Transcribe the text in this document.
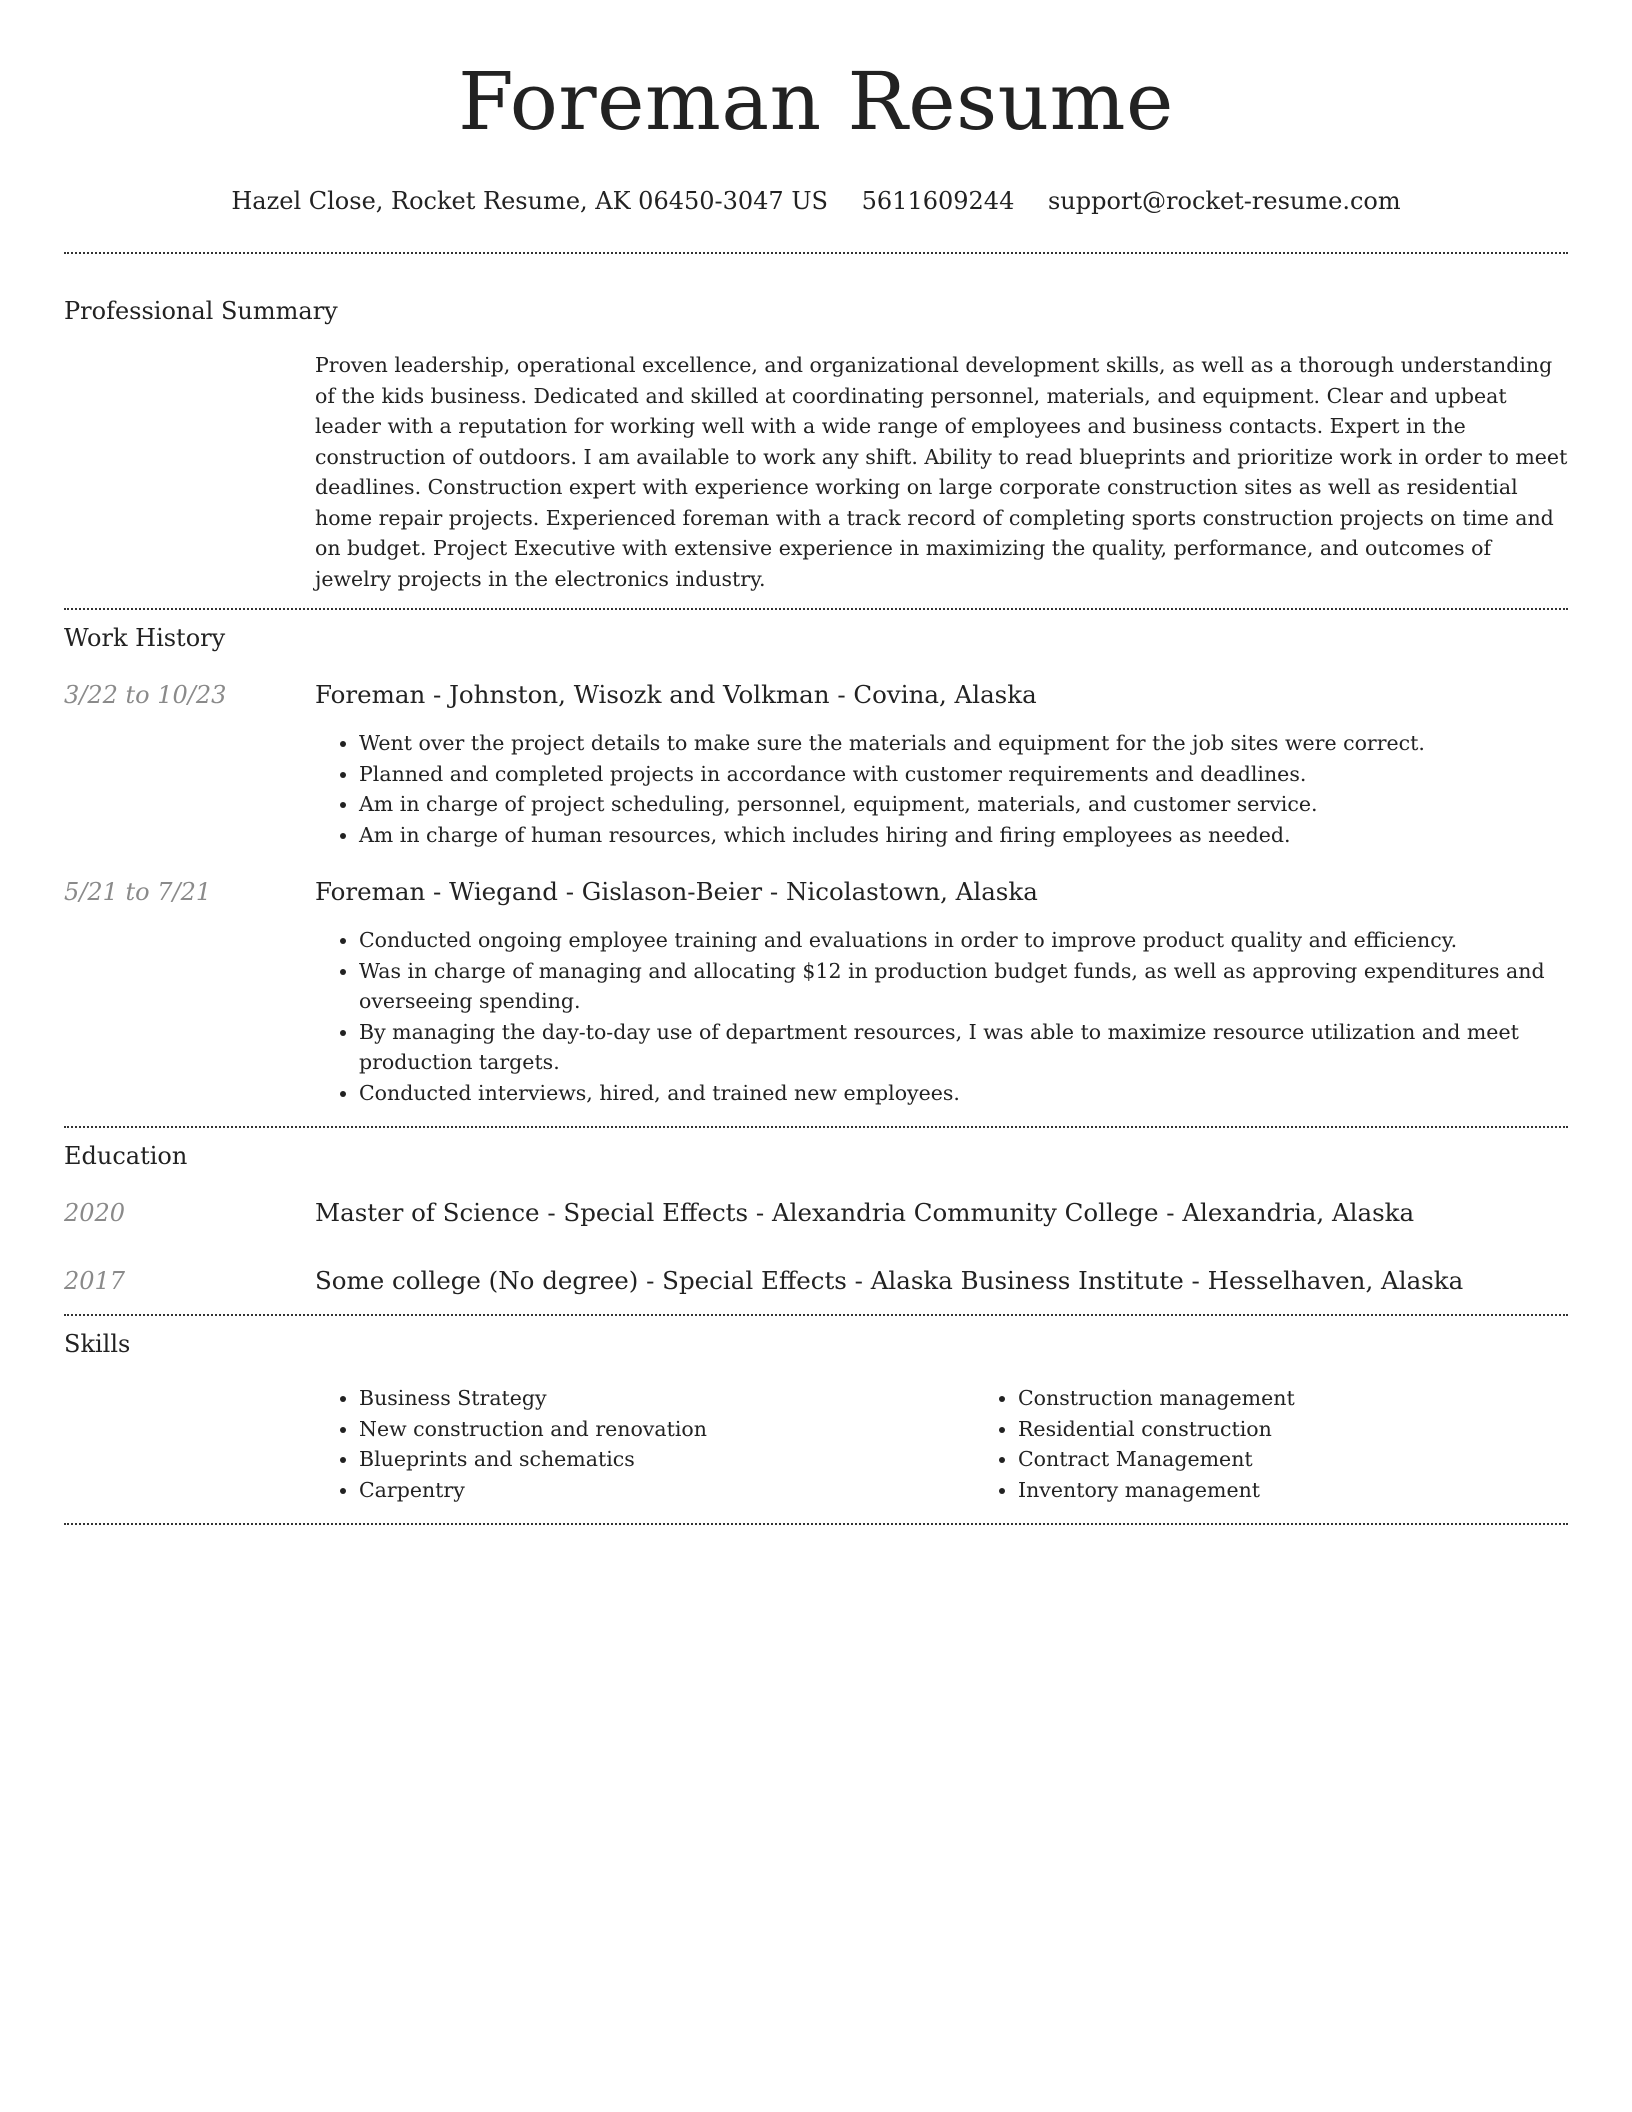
Foreman Resume
Hazel Close, Rocket Resume, AK 06450-3047 US 5611609244 support@rocket-resume.com
Professional Summary

Proven leadership, operational excellence, and organizational development skills, as well as a thorough understanding of the kids business. Dedicated and skilled at coordinating personnel, materials, and equipment. Clear and upbeat leader with a reputation for working well with a wide range of employees and business contacts. Expert in the construction of outdoors. I am available to work any shift. Ability to read blueprints and prioritize work in order to meet deadlines. Construction expert with experience working on large corporate construction sites as well as residential home repair projects. Experienced foreman with a track record of completing sports construction projects on time and on budget. Project Executive with extensive experience in maximizing the quality, performance, and outcomes of jewelry projects in the electronics industry.

Work History
3/22 to 10/23	Foreman - Johnston, Wisozk and Volkman - Covina, Alaska
• Went over the project details to make sure the materials and equipment for the job sites were correct.
• Planned and completed projects in accordance with customer requirements and deadlines.
• Am in charge of project scheduling, personnel, equipment, materials, and customer service.
• Am in charge of human resources, which includes hiring and firing employees as needed.
5/21 to 7/21	Foreman - Wiegand - Gislason-Beier - Nicolastown, Alaska
• Conducted ongoing employee training and evaluations in order to improve product quality and efficiency.
• Was in charge of managing and allocating $12 in production budget funds, as well as approving expenditures and overseeing spending.
• By managing the day-to-day use of department resources, I was able to maximize resource utilization and meet production targets.
• Conducted interviews, hired, and trained new employees.
Education
2020	Master of Science - Special Effects - Alexandria Community College - Alexandria, Alaska
2017	Some college (No degree) - Special Effects - Alaska Business Institute - Hesselhaven, Alaska
Skills
• Business Strategy
• New construction and renovation
• Blueprints and schematics
• Carpentry
• Construction management
• Residential construction
• Contract Management
• Inventory management
